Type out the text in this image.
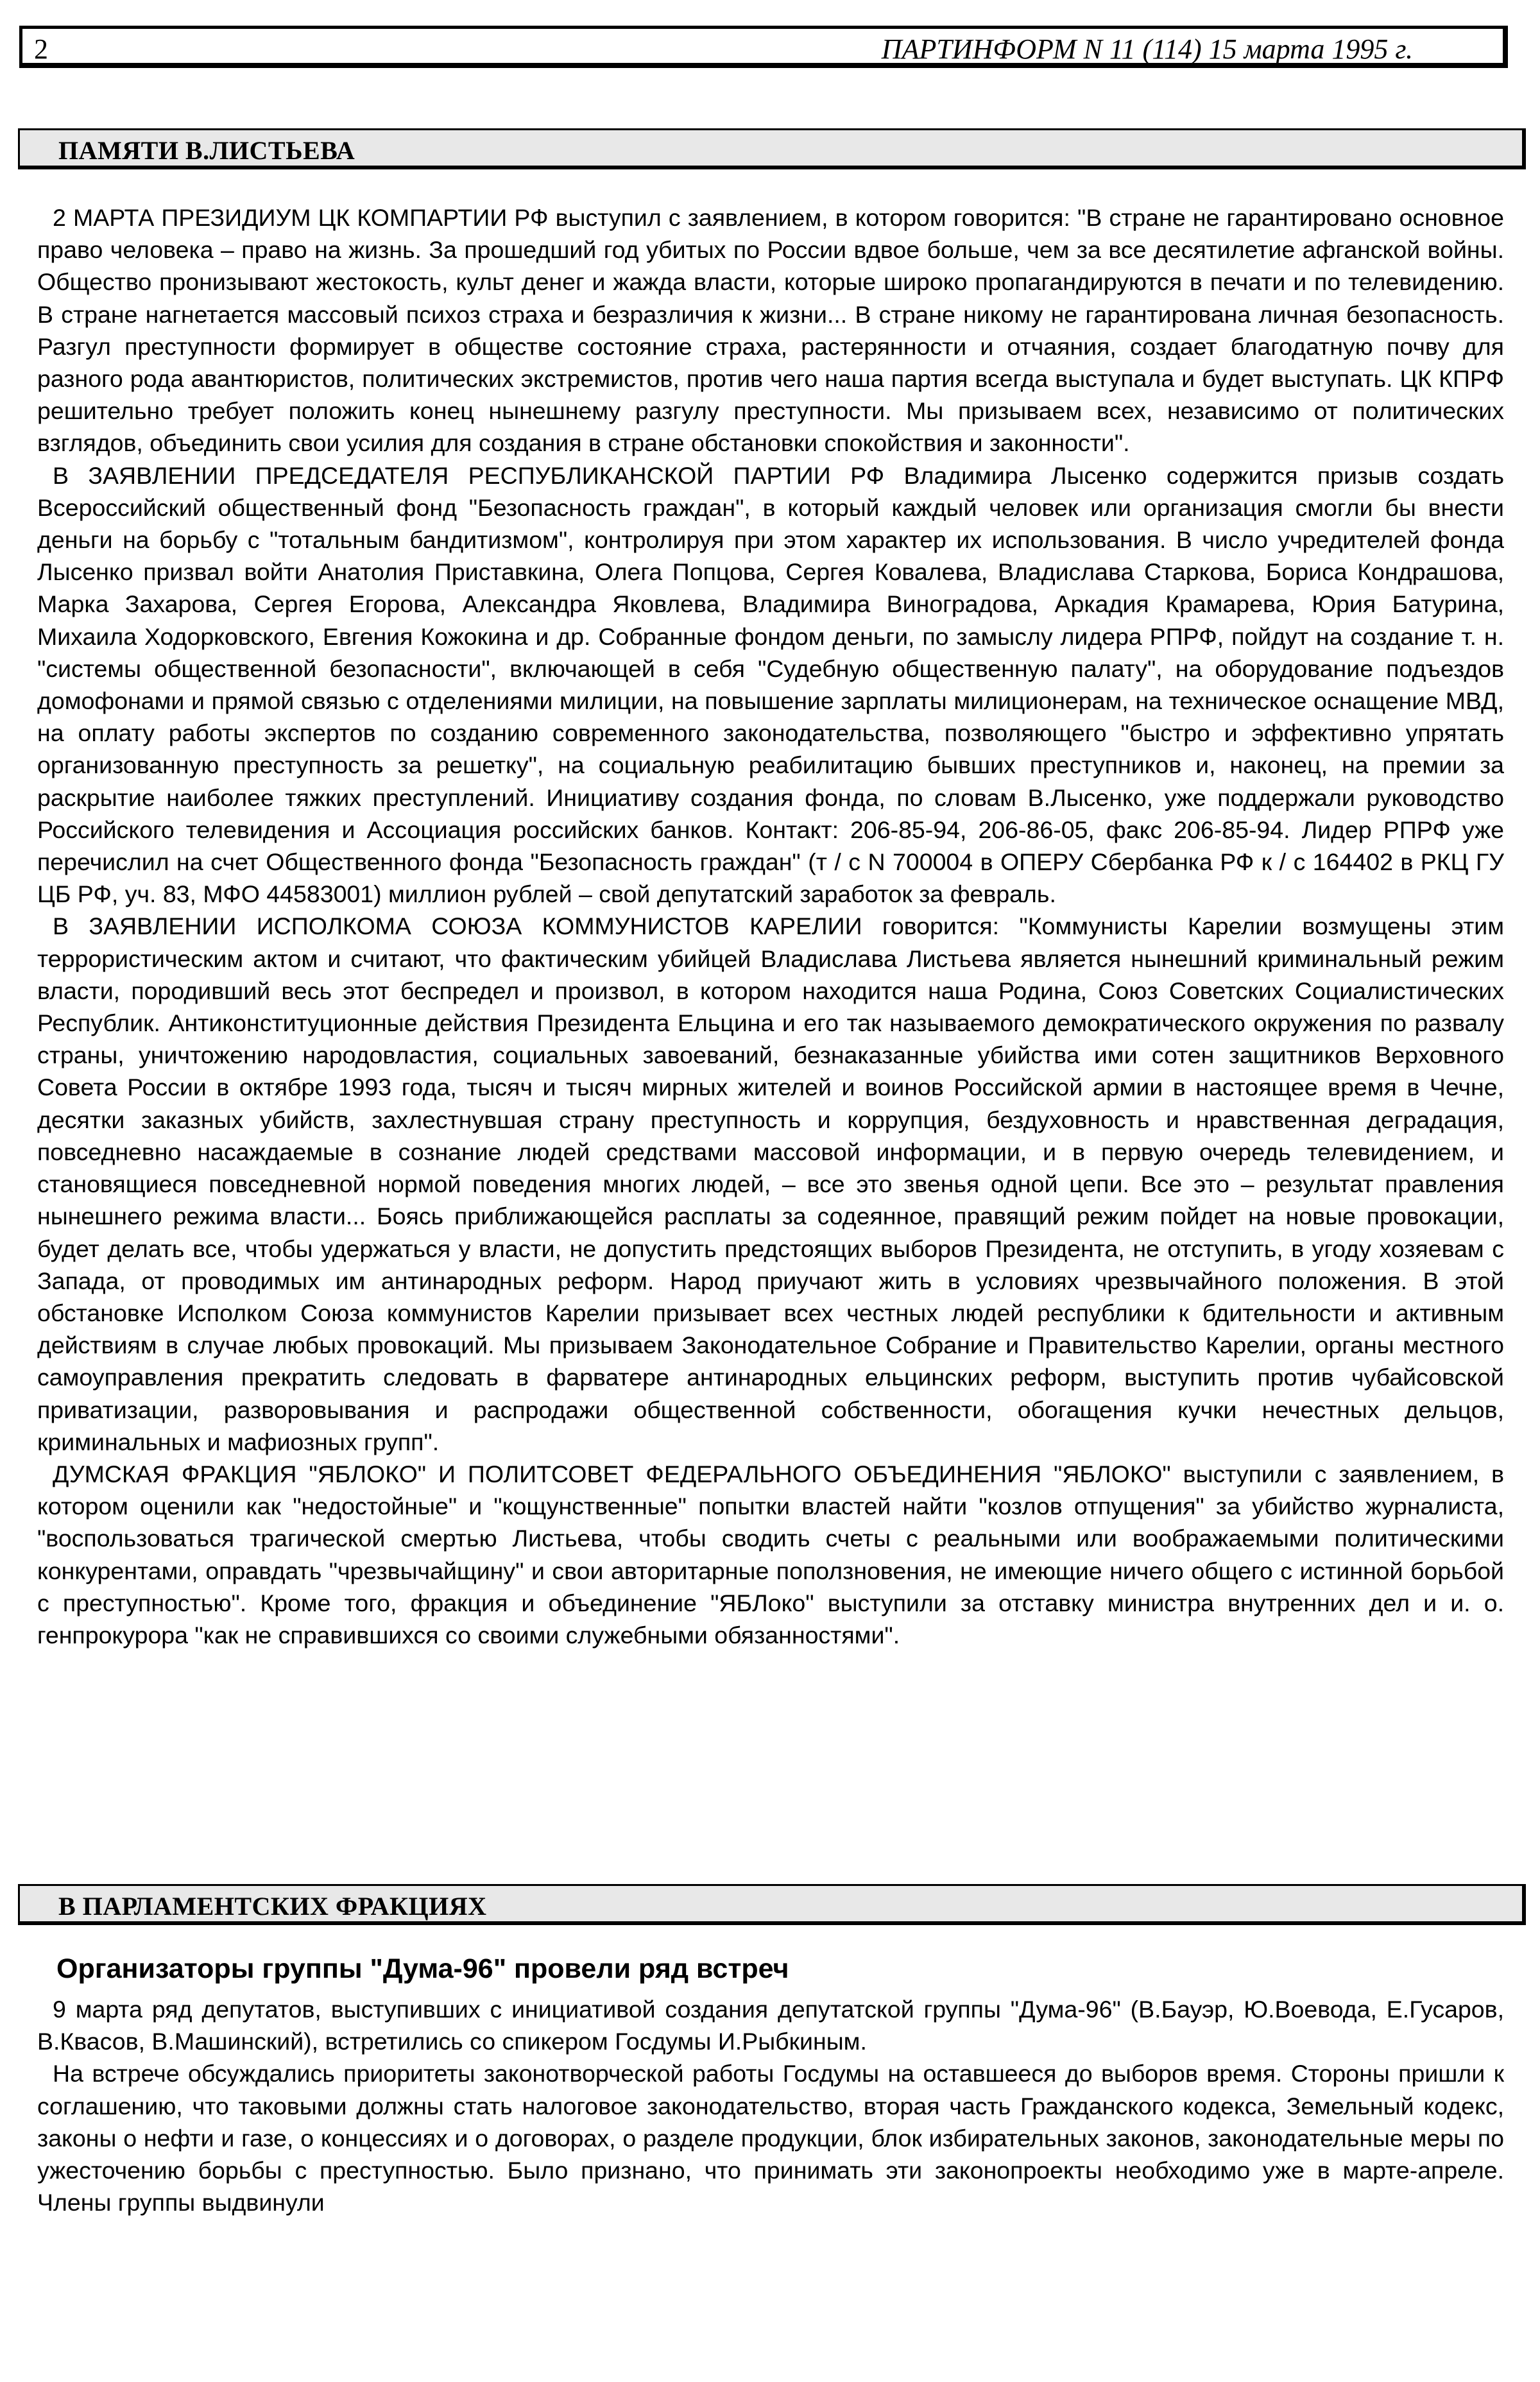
2	ПАРТИНФОРМ N 11 (114) 15 марта 1995 г.
ПАМЯТИ В.ЛИСТЬЕВА

2 МАРТА ПРЕЗИДИУМ ЦК КОМПАРТИИ РФ выступил с заявлением, в котором говорится: "В стране не гарантировано основное право человека – право на жизнь. За прошедший год убитых по России вдвое больше, чем за все десятилетие афганской войны. Общество пронизывают жестокость, культ денег и жажда власти, которые широко пропагандируются в печати и по телевидению. В стране нагнетается массовый психоз страха и безразличия к жизни... В стране никому не гарантирована личная безопасность. Разгул преступности формирует в обществе состояние страха, растерянности и отчаяния, создает благодатную почву для разного рода авантюристов, политических экстремистов, против чего наша партия всегда выступала и будет выступать. ЦК КПРФ решительно требует положить конец нынешнему разгулу преступности. Мы призываем всех, независимо от политических взглядов, объединить свои усилия для создания в стране обстановки спокойствия и законности".

В ЗАЯВЛЕНИИ ПРЕДСЕДАТЕЛЯ РЕСПУБЛИКАНСКОЙ ПАРТИИ РФ Владимира Лысенко содержится призыв создать Всероссийский общественный фонд "Безопасность граждан", в который каждый человек или организация смогли бы внести деньги на борьбу с "тотальным бандитизмом", контролируя при этом характер их использования. В число учредителей фонда Лысенко призвал войти Анатолия Приставкина, Олега Попцова, Сергея Ковалева, Владислава Старкова, Бориса Кондрашова, Марка Захарова, Сергея Егорова, Александра Яковлева, Владимира Виноградова, Аркадия Крамарева, Юрия Батурина, Михаила Ходорковского, Евгения Кожокина и др. Собранные фондом деньги, по замыслу лидера РПРФ, пойдут на создание т. н. "системы общественной безопасности", включающей в себя "Судебную общественную палату", на оборудование подъездов домофонами и прямой связью с отделениями милиции, на повышение зарплаты милиционерам, на техническое оснащение МВД, на оплату работы экспертов по созданию современного законодательства, позволяющего "быстро и эффективно упрятать организованную преступность за решетку", на социальную реабилитацию бывших преступников и, наконец, на премии за раскрытие наиболее тяжких преступлений. Инициативу создания фонда, по словам В.Лысенко, уже поддержали руководство Российского телевидения и Ассоциация российских банков. Контакт: 206-85-94, 206-86-05, факс 206-85-94. Лидер РПРФ уже перечислил на счет Общественного фонда "Безопасность граждан" (т / с N 700004 в ОПЕРУ Сбербанка РФ к / с 164402 в РКЦ ГУ ЦБ РФ, уч. 83, МФО 44583001) миллион рублей – свой депутатский заработок за февраль.

В ЗАЯВЛЕНИИ ИСПОЛКОМА СОЮЗА КОММУНИСТОВ КАРЕЛИИ говорится: "Коммунисты Карелии возмущены этим террористическим актом и считают, что фактическим убийцей Владислава Листьева является нынешний криминальный режим власти, породивший весь этот беспредел и произвол, в котором находится наша Родина, Союз Советских Социалистических Республик. Антиконституционные действия Президента Ельцина и его так называемого демократического окружения по развалу страны, уничтожению народовластия, социальных завоеваний, безнаказанные убийства ими сотен защитников Верховного Совета России в октябре 1993 года, тысяч и тысяч мирных жителей и воинов Российской армии в настоящее время в Чечне, десятки заказных убийств, захлестнувшая страну преступность и коррупция, бездуховность и нравственная деградация, повседневно насаждаемые в сознание людей средствами массовой информации, и в первую очередь телевидением, и становящиеся повседневной нормой поведения многих людей, – все это звенья одной цепи. Все это – результат правления нынешнего режима власти... Боясь приближающейся расплаты за содеянное, правящий режим пойдет на новые провокации, будет делать все, чтобы удержаться у власти, не допустить предстоящих выборов Президента, не отступить, в угоду хозяевам с Запада, от проводимых им антинародных реформ. Народ приучают жить в условиях чрезвычайного положения. В этой обстановке Исполком Союза коммунистов Карелии призывает всех честных людей республики к бдительности и активным действиям в случае любых провокаций. Мы призываем Законодательное Собрание и Правительство Карелии, органы местного самоуправления прекратить следовать в фарватере антинародных ельцинских реформ, выступить против чубайсовской приватизации, разворовывания и распродажи общественной собственности, обогащения кучки нечестных дельцов, криминальных и мафиозных групп".

ДУМСКАЯ ФРАКЦИЯ "ЯБЛОКО" И ПОЛИТСОВЕТ ФЕДЕРАЛЬНОГО ОБЪЕДИНЕНИЯ "ЯБЛОКО" выступили с заявлением, в котором оценили как "недостойные" и "кощунственные" попытки властей найти "козлов отпущения" за убийство журналиста, "воспользоваться трагической смертью Листьева, чтобы сводить счеты с реальными или воображаемыми политическими конкурентами, оправдать "чрезвычайщину" и свои авторитарные поползновения, не имеющие ничего общего с истинной борьбой с преступностью". Кроме того, фракция и объединение "ЯБЛоко" выступили за отставку министра внутренних дел и и. о. генпрокурора "как не справившихся со своими служебными обязанностями".

В ПАРЛАМЕНТСКИХ ФРАКЦИЯХ
Организаторы группы "Дума-96" провели ряд встреч

9 марта ряд депутатов, выступивших с инициативой создания депутатской группы "Дума-96" (В.Бауэр, Ю.Воевода, Е.Гусаров, В.Квасов, В.Машинский), встретились со спикером Госдумы И.Рыбкиным.

На встрече обсуждались приоритеты законотворческой работы Госдумы на оставшееся до выборов время. Стороны пришли к соглашению, что таковыми должны стать налоговое законодательство, вторая часть Гражданского кодекса, Земельный кодекс, законы о нефти и газе, о концессиях и о договорах, о разделе продукции, блок избирательных законов, законодательные меры по ужесточению борьбы с преступностью. Было признано, что принимать эти законопроекты необходимо уже в марте-апреле. Члены группы выдвинули
